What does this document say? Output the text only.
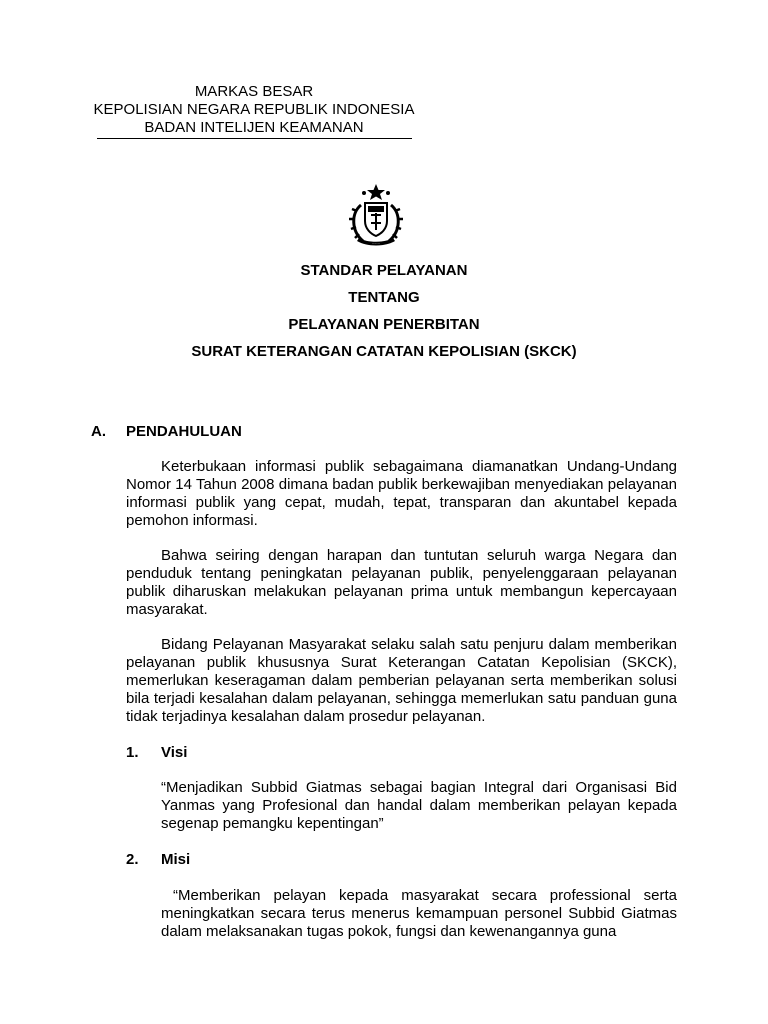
MARKAS BESAR
KEPOLISIAN NEGARA REPUBLIK INDONESIA
BADAN INTELIJEN KEAMANAN
.......
STANDAR PELAYANAN
TENTANG
PELAYANAN PENERBITAN
SURAT KETERANGAN CATATAN KEPOLISIAN (SKCK)
A. PENDAHULUAN
Keterbukaan informasi publik sebagaimana diamanatkan Undang-Undang Nomor 14 Tahun 2008 dimana badan publik berkewajiban menyediakan pelayanan informasi publik yang cepat, mudah, tepat, transparan dan akuntabel kepada pemohon informasi.
Bahwa seiring dengan harapan dan tuntutan seluruh warga Negara dan penduduk tentang peningkatan pelayanan publik, penyelenggaraan pelayanan publik diharuskan melakukan pelayanan prima untuk membangun kepercayaan masyarakat.
Bidang Pelayanan Masyarakat selaku salah satu penjuru dalam memberikan pelayanan publik khususnya Surat Keterangan Catatan Kepolisian (SKCK), memerlukan keseragaman dalam pemberian pelayanan serta memberikan solusi bila terjadi kesalahan dalam pelayanan, sehingga memerlukan satu panduan guna tidak terjadinya kesalahan dalam prosedur pelayanan.
1. Visi
“Menjadikan Subbid Giatmas sebagai bagian Integral dari Organisasi Bid Yanmas yang Profesional dan handal dalam memberikan pelayan kepada segenap pemangku kepentingan”
2. Misi
“Memberikan pelayan kepada masyarakat secara professional serta meningkatkan secara terus menerus kemampuan personel Subbid Giatmas dalam melaksanakan tugas pokok, fungsi dan kewenangannya guna
